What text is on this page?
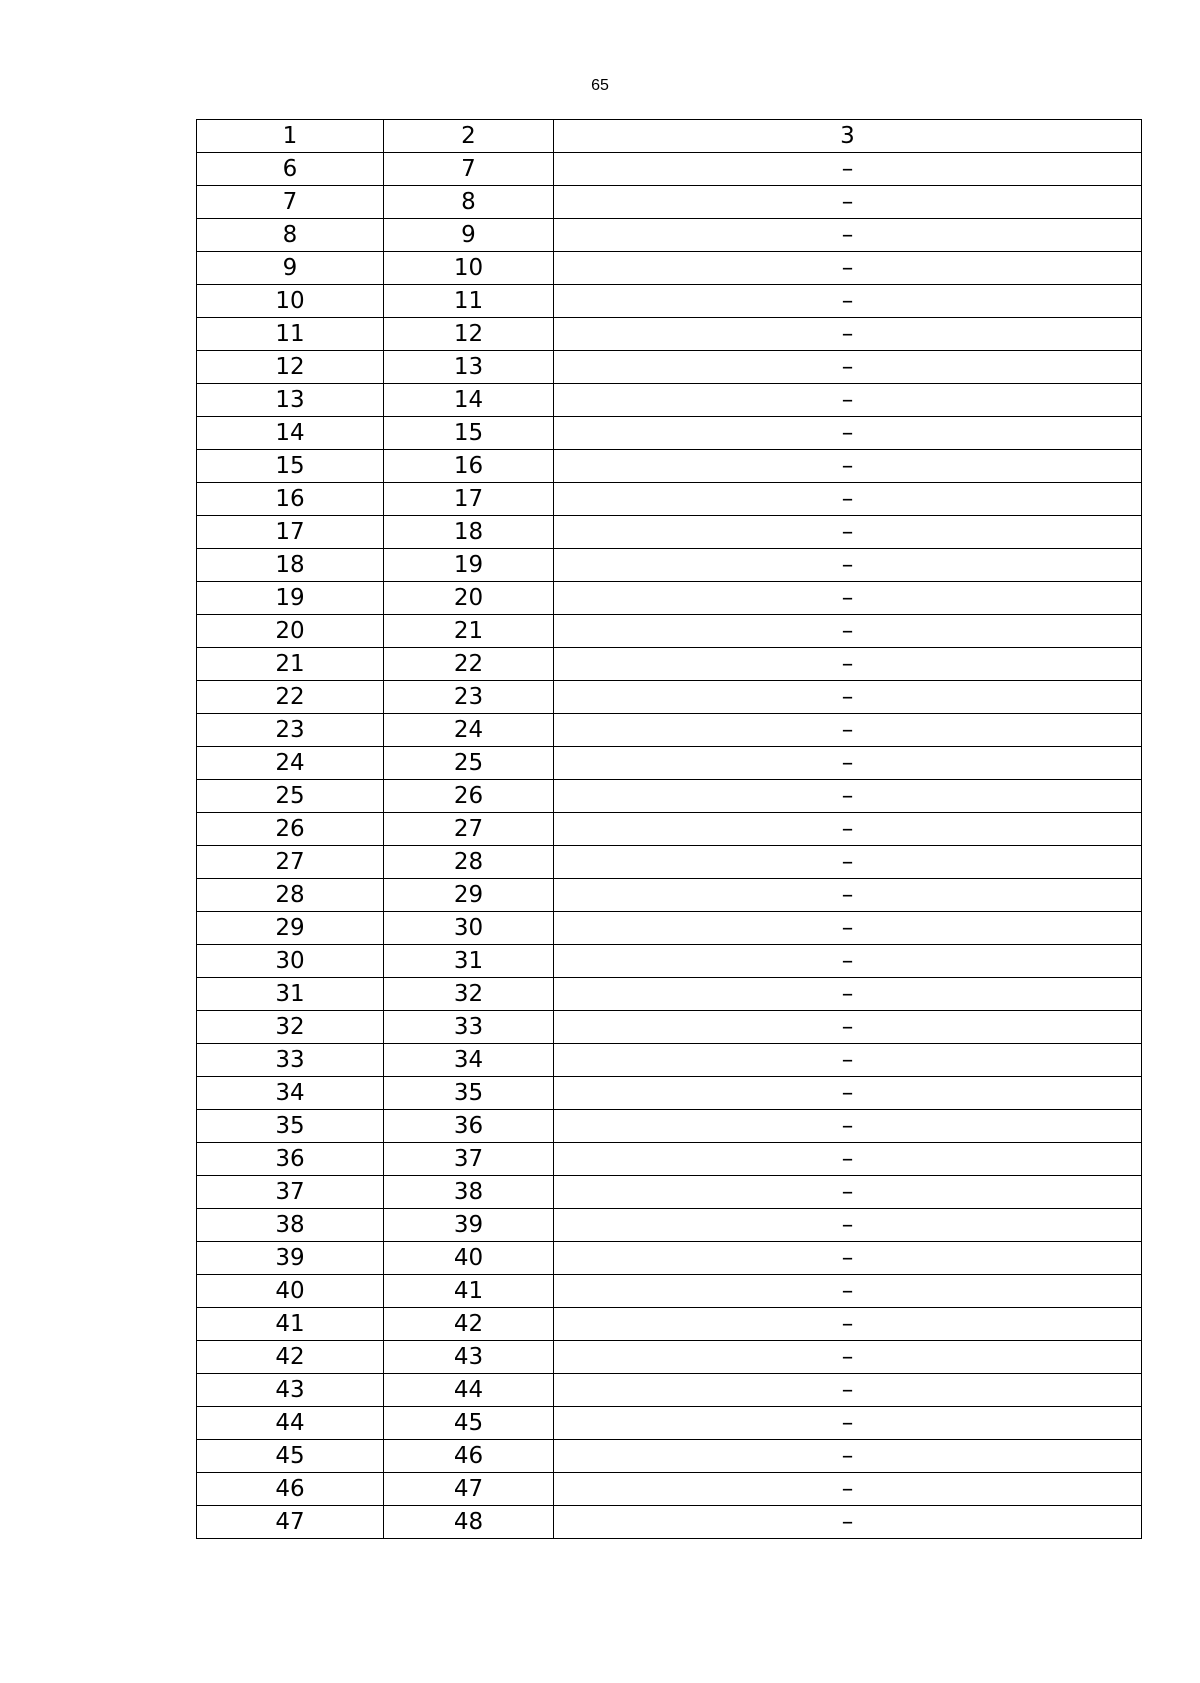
65
1	2	3
6	7	–
7	8	–
8	9	–
9	10	–
10	11	–
11	12	–
12	13	–
13	14	–
14	15	–
15	16	–
16	17	–
17	18	–
18	19	–
19	20	–
20	21	–
21	22	–
22	23	–
23	24	–
24	25	–
25	26	–
26	27	–
27	28	–
28	29	–
29	30	–
30	31	–
31	32	–
32	33	–
33	34	–
34	35	–
35	36	–
36	37	–
37	38	–
38	39	–
39	40	–
40	41	–
41	42	–
42	43	–
43	44	–
44	45	–
45	46	–
46	47	–
47	48	–
